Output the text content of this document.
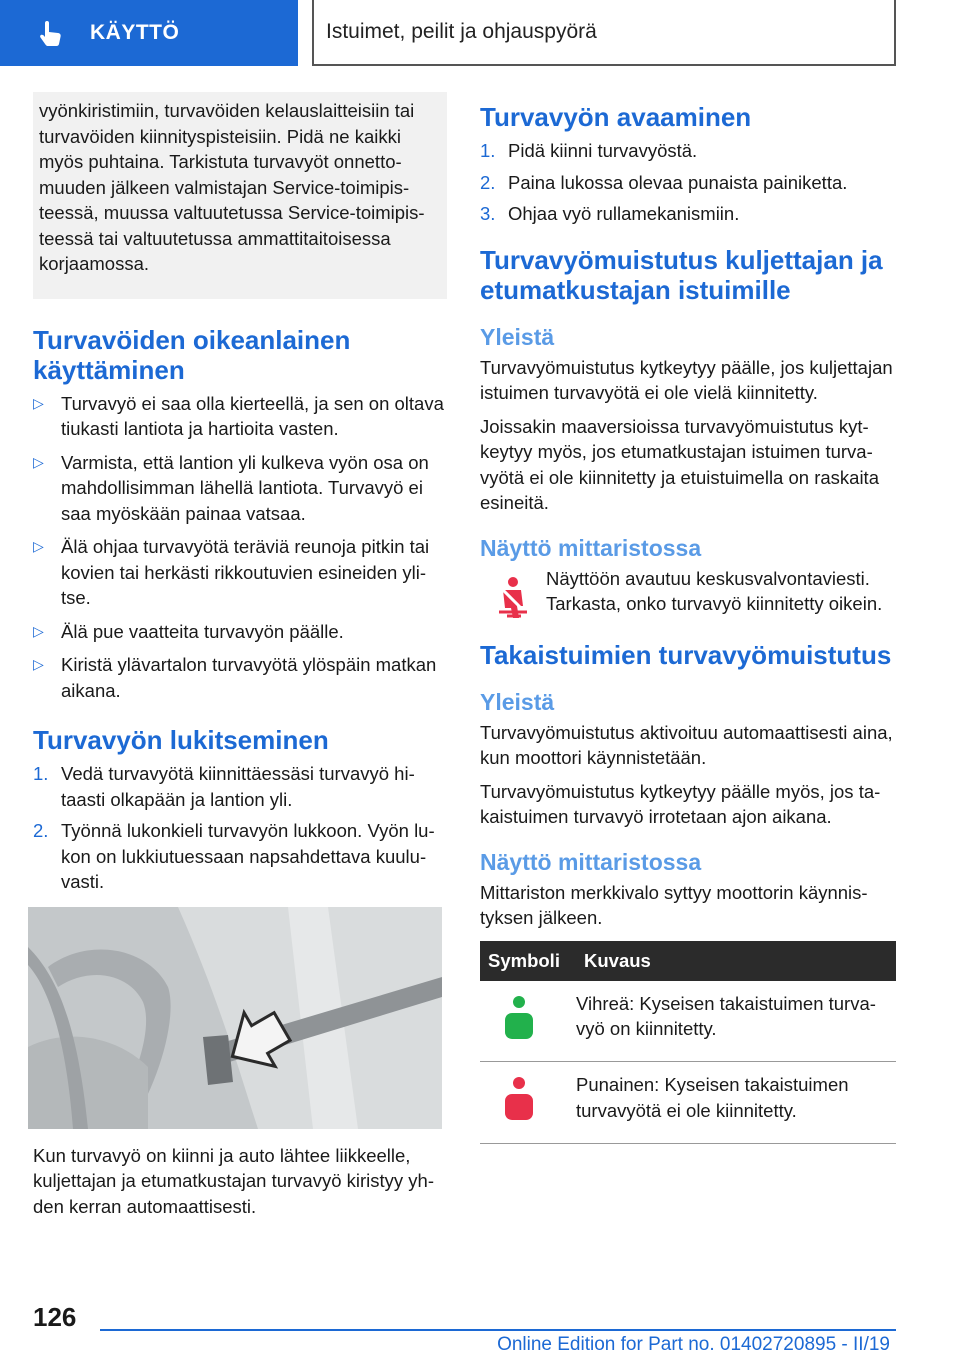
KÄYTTÖ	Istuimet, peilit ja ohjauspyörä
vyönkiristimiin, turvavöiden kelauslaitteisiin tai turvavöiden kiinnityspisteisiin. Pidä ne kaikki myös puhtaina. Tarkistuta turvavyöt onnettomuuden jälkeen valmistajan Service-toimipisteessä, muussa valtuutetussa Service-toimipisteessä tai valtuutetussa ammattitaitoisessa korjaamossa.
Turvavöiden oikeanlainen käyttäminen
▷ Turvavyö ei saa olla kierteellä, ja sen on oltava tiukasti lantiota ja hartioita vasten.
▷ Varmista, että lantion yli kulkeva vyön osa on mahdollisimman lähellä lantiota. Turvavyö ei saa myöskään painaa vatsaa.
▷ Älä ohjaa turvavyötä teräviä reunoja pitkin tai kovien tai herkästi rikkoutuvien esineiden ylitse.
▷ Älä pue vaatteita turvavyön päälle.
▷ Kiristä ylävartalon turvavyötä ylöspäin matkan aikana.
Turvavyön lukitseminen
1. Vedä turvavyötä kiinnittäessäsi turvavyö hitaasti olkapään ja lantion yli.
2. Työnnä lukonkieli turvavyön lukkoon. Vyön lukon on lukkiutuessaan napsahdettava kuuluvasti.

Kun turvavyö on kiinni ja auto lähtee liikkeelle, kuljettajan ja etumatkustajan turvavyö kiristyy yhden kerran automaattisesti.

Turvavyön avaaminen
1. Pidä kiinni turvavyöstä.
2. Paina lukossa olevaa punaista painiketta.
3. Ohjaa vyö rullamekanismiin.
Turvavyömuistutus kuljettajan ja etumatkustajan istuimille
Yleistä

Turvavyömuistutus kytkeytyy päälle, jos kuljettajan istuimen turvavyötä ei ole vielä kiinnitetty.

Joissakin maaversioissa turvavyömuistutus kytkeytyy myös, jos etumatkustajan istuimen turvavyötä ei ole kiinnitetty ja etuistuimella on raskaita esineitä.

Näyttö mittaristossa
Näyttöön avautuu keskusvalvontaviesti. Tarkasta, onko turvavyö kiinnitetty oikein.
Takaistuimien turvavyömuistutus
Yleistä

Turvavyömuistutus aktivoituu automaattisesti aina, kun moottori käynnistetään.

Turvavyömuistutus kytkeytyy päälle myös, jos takaistuimen turvavyö irrotetaan ajon aikana.

Näyttö mittaristossa

Mittariston merkkivalo syttyy moottorin käynnistyksen jälkeen.

Symboli	Kuvaus
	Vihreä: Kyseisen takaistuimen turvavyö on kiinnitetty.
	Punainen: Kyseisen takaistuimen turvavyötä ei ole kiinnitetty.
126
Online Edition for Part no. 01402720895 - II/19
